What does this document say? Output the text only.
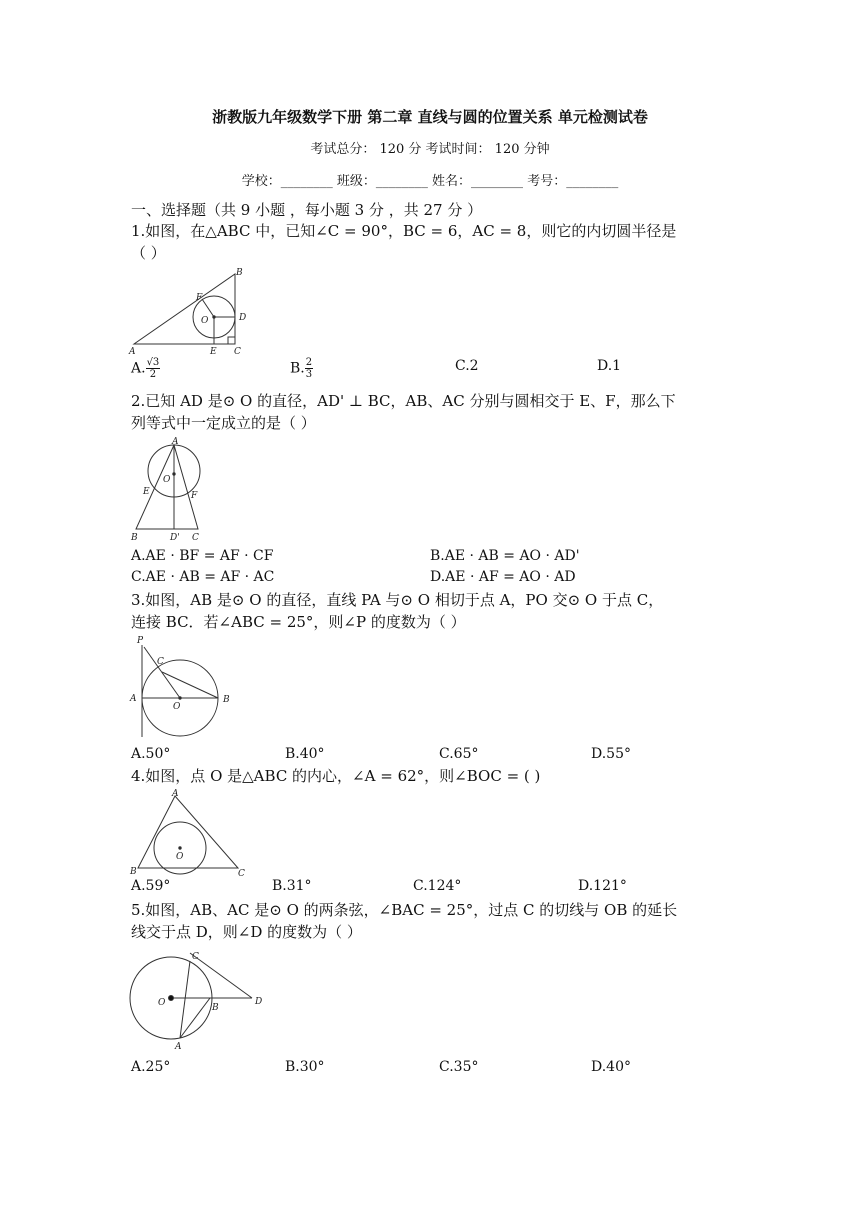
浙教版九年级数学下册 第二章 直线与圆的位置关系 单元检测试卷
考试总分： 120 分 考试时间： 120 分钟
学校：________ 班级：________ 姓名：________ 考号：________
一、选择题（共 9 小题 ，每小题 3 分 ，共 27 分 ）
1.如图，在△ABC 中，已知∠C = 90°，BC = 6，AC = 8，则它的内切圆半径是
（ ）
A
B
C
D
E
F
O
A. $\frac{√3}{2}$	B. $\frac{2}{3}$	C.2	D.1
2.已知 AD 是⊙ O 的直径，AD' ⊥ BC，AB、AC 分别与圆相交于 E、F，那么下
列等式中一定成立的是（ ）
A
O
E	F
B	D' C
A.AE · BF = AF · CF	B.AE · AB = AO · AD'
C.AE · AB = AF · AC	D.AE · AF = AO · AD
3.如图，AB 是⊙ O 的直径，直线 PA 与⊙ O 相切于点 A，PO 交⊙ O 于点 C，
连接 BC．若∠ABC = 25°，则∠P 的度数为（ ）
P
C
A
O
B
A.50°	B.40°	C.65°	D.55°
4.如图，点 O 是△ABC 的内心，∠A = 62°，则∠BOC = ( )
A
O
B	C
A.59°	B.31°	C.124°	D.121°
5.如图，AB、AC 是⊙ O 的两条弦，∠BAC = 25°，过点 C 的切线与 OB 的延长
线交于点 D，则∠D 的度数为（ ）
C
O	B
D
A
A.25°	B.30°	C.35°	D.40°
